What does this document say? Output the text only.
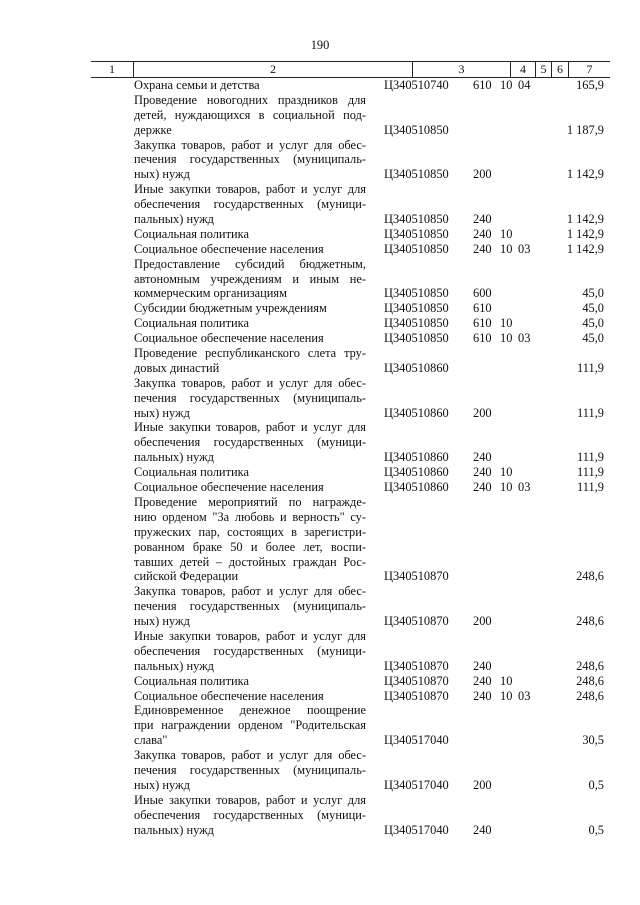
190
1	2	3	4	5 6	7
Охрана семьи и детства	Ц340510740 610 10 04	165,9
Проведение новогодних праздников для
детей, нуждающихся в социальной под-
держке	Ц340510850	1 187,9
Закупка товаров, работ и услуг для обес-
печения государственных (муниципаль-
ных) нужд	Ц340510850 200	1 142,9
Иные закупки товаров, работ и услуг для
обеспечения государственных (муници-
пальных) нужд	Ц340510850 240	1 142,9
Социальная политика	Ц340510850 240 10	1 142,9
Социальное обеспечение населения	Ц340510850 240 10 03	1 142,9
Предоставление субсидий бюджетным,
автономным учреждениям и иным не-
коммерческим организациям	Ц340510850 600	45,0
Субсидии бюджетным учреждениям	Ц340510850 610	45,0
Социальная политика	Ц340510850 610 10	45,0
Социальное обеспечение населения	Ц340510850 610 10 03	45,0
Проведение республиканского слета тру-
довых династий	Ц340510860	111,9
Закупка товаров, работ и услуг для обес-
печения государственных (муниципаль-
ных) нужд	Ц340510860 200	111,9
Иные закупки товаров, работ и услуг для
обеспечения государственных (муници-
пальных) нужд	Ц340510860 240	111,9
Социальная политика	Ц340510860 240 10	111,9
Социальное обеспечение населения	Ц340510860 240 10 03	111,9
Проведение мероприятий по награжде-
нию орденом "За любовь и верность" су-
пружеских пар, состоящих в зарегистри-
рованном браке 50 и более лет, воспи-
тавших детей – достойных граждан Рос-
сийской Федерации	Ц340510870	248,6
Закупка товаров, работ и услуг для обес-
печения государственных (муниципаль-
ных) нужд	Ц340510870 200	248,6
Иные закупки товаров, работ и услуг для
обеспечения государственных (муници-
пальных) нужд	Ц340510870 240	248,6
Социальная политика	Ц340510870 240 10	248,6
Социальное обеспечение населения	Ц340510870 240 10 03	248,6
Единовременное денежное поощрение
при награждении орденом "Родительская
слава"	Ц340517040	30,5
Закупка товаров, работ и услуг для обес-
печения государственных (муниципаль-
ных) нужд	Ц340517040 200	0,5
Иные закупки товаров, работ и услуг для
обеспечения государственных (муници-
пальных) нужд	Ц340517040 240	0,5
